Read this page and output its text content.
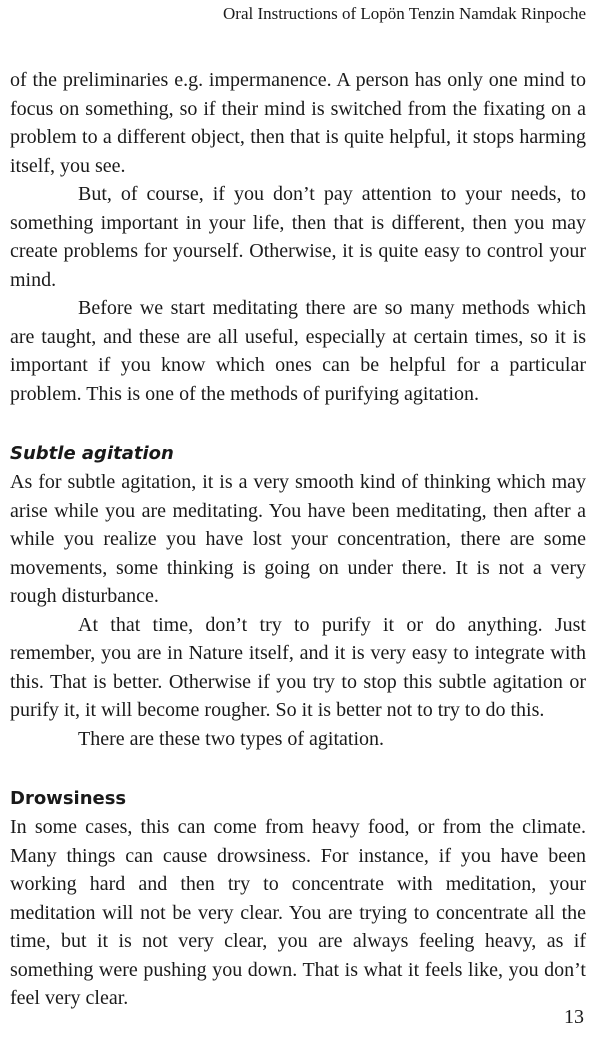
Oral Instructions of Lopön Tenzin Namdak Rinpoche

of the preliminaries e.g. impermanence. A person has only one mind to focus on something, so if their mind is switched from the fixating on a problem to a different object, then that is quite helpful, it stops harming itself, you see.

But, of course, if you don’t pay attention to your needs, to something important in your life, then that is different, then you may create problems for yourself. Otherwise, it is quite easy to control your mind.

Before we start meditating there are so many methods which are taught, and these are all useful, especially at certain times, so it is important if you know which ones can be helpful for a particular problem. This is one of the methods of purifying agitation.

Subtle agitation

As for subtle agitation, it is a very smooth kind of thinking which may arise while you are meditating. You have been meditating, then after a while you realize you have lost your concentration, there are some movements, some thinking is going on under there. It is not a very rough disturbance.

At that time, don’t try to purify it or do anything. Just remember, you are in Nature itself, and it is very easy to integrate with this. That is better. Otherwise if you try to stop this subtle agitation or purify it, it will become rougher. So it is better not to try to do this.

There are these two types of agitation.

Drowsiness

In some cases, this can come from heavy food, or from the climate. Many things can cause drowsiness. For instance, if you have been working hard and then try to concentrate with meditation, your meditation will not be very clear. You are trying to concentrate all the time, but it is not very clear, you are always feeling heavy, as if something were pushing you down. That is what it feels like, you don’t feel very clear.

13
